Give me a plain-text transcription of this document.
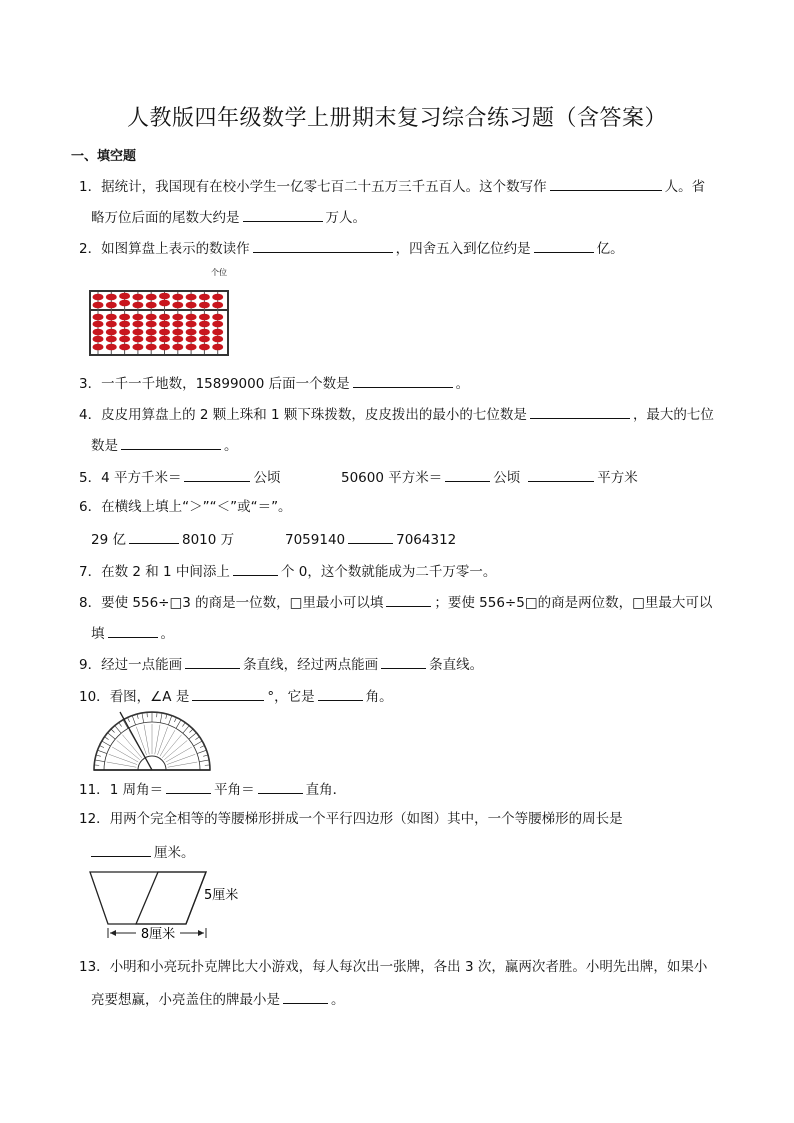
人教版四年级数学上册期末复习综合练习题（含答案）
一、填空题
1．据统计，我国现有在校小学生一亿零七百二十五万三千五百人。这个数写作	人。省
略万位后面的尾数大约是	万人。
2．如图算盘上表示的数读作	，四舍五入到亿位约是	亿。
个位
3．一千一千地数，15899000 后面一个数是	。
4．皮皮用算盘上的 2 颗上珠和 1 颗下珠拨数，皮皮拨出的最小的七位数是	，最大的七位
数是	。
5．4 平方千米＝	公顷	50600 平方米＝	公顷	平方米
6．在横线上填上“＞”“＜”或“＝”。
29 亿	8010 万	7059140	7064312
7．在数 2 和 1 中间添上	个 0，这个数就能成为二千万零一。
8．要使 556÷□3 的商是一位数，□里最小可以填	；要使 556÷5□的商是两位数，□里最大可以
填	。
9．经过一点能画	条直线，经过两点能画	条直线。
10．看图，∠A 是	°，它是	角。
11．1 周角＝	平角＝	直角．
12．用两个完全相等的等腰梯形拼成一个平行四边形（如图）其中，一个等腰梯形的周长是
厘米。
5厘米
8厘米
13．小明和小亮玩扑克牌比大小游戏，每人每次出一张牌，各出 3 次，赢两次者胜。小明先出牌，如果小
亮要想赢，小亮盖住的牌最小是	。
